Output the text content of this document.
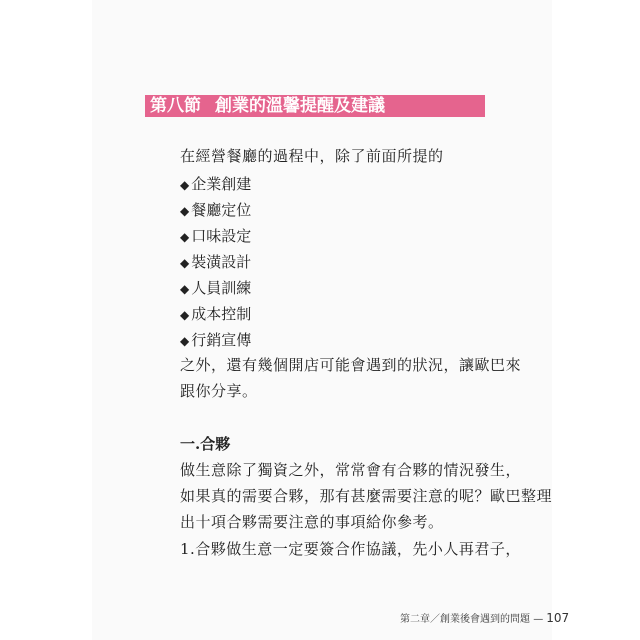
第八節 創業的溫馨提醒及建議
在經營餐廳的過程中，除了前面所提的
◆ 企業創建
◆ 餐廳定位
◆ 口味設定
◆ 裝潢設計
◆ 人員訓練
◆ 成本控制
◆ 行銷宣傳
之外，還有幾個開店可能會遇到的狀況，讓歐巴來
跟你分享。
一.合夥
做生意除了獨資之外，常常會有合夥的情況發生，
如果真的需要合夥，那有甚麼需要注意的呢？歐巴整理
出十項合夥需要注意的事項給你參考。
1.合夥做生意一定要簽合作協議，先小人再君子，
第二章／創業後會遇到的問題 — 107
